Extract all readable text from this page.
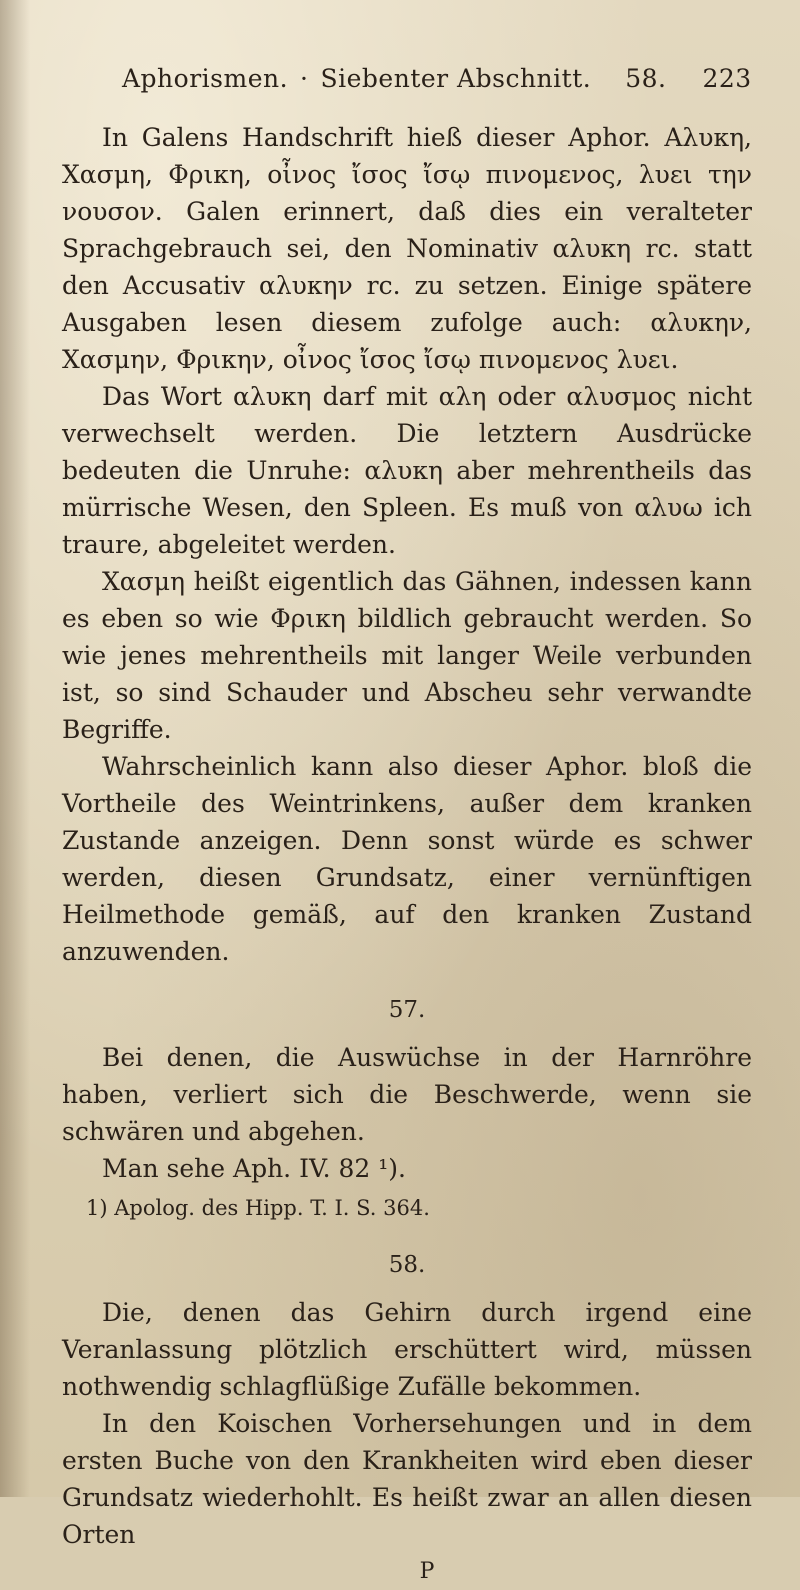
Aphorismen. · Siebenter Abschnitt. 58. 223

In Galens Handschrift hieß dieser Aphor. Αλυκη, Χασμη, Φρικη, οἶνος ἴσος ἴσῳ πινομενος, λυει την νουσον. Galen erinnert, daß dies ein veralteter Sprachgebrauch sei, den Nominativ αλυκη rc. statt den Accusativ αλυκην rc. zu setzen. Einige spätere Ausgaben lesen diesem zufolge auch: αλυκην, Χασμην, Φρικην, οἶνος ἴσος ἴσῳ πινομενος λυει.

Das Wort αλυκη darf mit αλη oder αλυσμος nicht verwechselt werden. Die letztern Ausdrücke bedeuten die Unruhe: αλυκη aber mehrentheils das mürrische Wesen, den Spleen. Es muß von αλυω ich traure, abgeleitet werden.

Χασμη heißt eigentlich das Gähnen, indessen kann es eben so wie Φρικη bildlich gebraucht werden. So wie jenes mehrentheils mit langer Weile verbunden ist, so sind Schauder und Abscheu sehr verwandte Begriffe.

Wahrscheinlich kann also dieser Aphor. bloß die Vortheile des Weintrinkens, außer dem kranken Zustande anzeigen. Denn sonst würde es schwer werden, diesen Grundsatz, einer vernünftigen Heilmethode gemäß, auf den kranken Zustand anzuwenden.

57.

Bei denen, die Auswüchse in der Harnröhre haben, verliert sich die Beschwerde, wenn sie schwären und abgehen.

Man sehe Aph. IV. 82 ¹).

1) Apolog. des Hipp. T. I. S. 364.

58.

Die, denen das Gehirn durch irgend eine Veranlassung plötzlich erschüttert wird, müssen nothwendig schlagflüßige Zufälle bekommen.

In den Koischen Vorhersehungen und in dem ersten Buche von den Krankheiten wird eben dieser Grundsatz wiederhohlt. Es heißt zwar an allen diesen Orten

P
